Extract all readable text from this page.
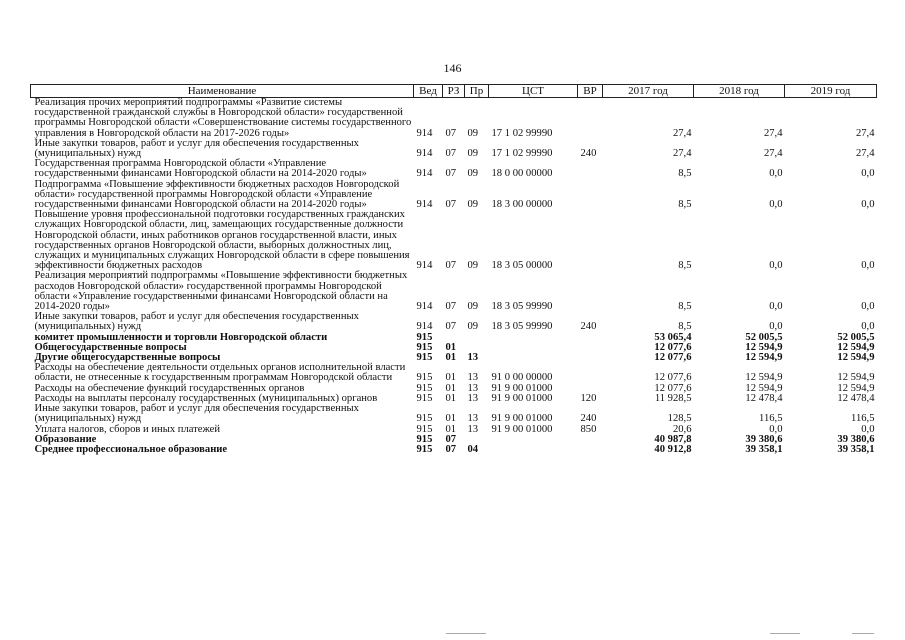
146
Наименование	Вед	РЗ	Пр	ЦСТ	ВР	2017 год	2018 год	2019 год
Реализация прочих мероприятий подпрограммы «Развитие системы государственной гражданской службы в Новгородской области» государственной программы Новгородской области «Совершенствование системы государственного управления в Новгородской области на 2017-2026 годы»	914	07	09	17 1 02 99990		27,4	27,4	27,4
Иные закупки товаров, работ и услуг для обеспечения государственных (муниципальных) нужд	914	07	09	17 1 02 99990	240	27,4	27,4	27,4
Государственная программа Новгородской области «Управление государственными финансами Новгородской области на 2014-2020 годы»	914	07	09	18 0 00 00000		8,5	0,0	0,0
Подпрограмма «Повышение эффективности бюджетных расходов Новгородской области» государственной программы Новгородской области «Управление государственными финансами Новгородской области на 2014-2020 годы»	914	07	09	18 3 00 00000		8,5	0,0	0,0
Повышение уровня профессиональной подготовки государственных гражданских служащих Новгородской области, лиц, замещающих государственные должности Новгородской области, иных работников органов государственной власти, иных государственных органов Новгородской области, выборных должностных лиц, служащих и муниципальных служащих Новгородской области в сфере повышения эффективности бюджетных расходов	914	07	09	18 3 05 00000		8,5	0,0	0,0
Реализация мероприятий подпрограммы «Повышение эффективности бюджетных расходов Новгородской области» государственной программы Новгородской области «Управление государственными финансами Новгородской области на 2014-2020 годы»	914	07	09	18 3 05 99990		8,5	0,0	0,0
Иные закупки товаров, работ и услуг для обеспечения государственных (муниципальных) нужд	914	07	09	18 3 05 99990	240	8,5	0,0	0,0
комитет промышленности и торговли Новгородской области	915					53 065,4	52 005,5	52 005,5
Общегосударственные вопросы	915	01				12 077,6	12 594,9	12 594,9
Другие общегосударственные вопросы	915	01	13			12 077,6	12 594,9	12 594,9
Расходы на обеспечение деятельности отдельных органов исполнительной власти области, не отнесенные к государственным программам Новгородской области	915	01	13	91 0 00 00000		12 077,6	12 594,9	12 594,9
Расходы на обеспечение функций государственных органов	915	01	13	91 9 00 01000		12 077,6	12 594,9	12 594,9
Расходы на выплаты персоналу государственных (муниципальных) органов	915	01	13	91 9 00 01000	120	11 928,5	12 478,4	12 478,4
Иные закупки товаров, работ и услуг для обеспечения государственных (муниципальных) нужд	915	01	13	91 9 00 01000	240	128,5	116,5	116,5
Уплата налогов, сборов и иных платежей	915	01	13	91 9 00 01000	850	20,6	0,0	0,0
Образование	915	07				40 987,8	39 380,6	39 380,6
Среднее профессиональное образование	915	07	04			40 912,8	39 358,1	39 358,1
